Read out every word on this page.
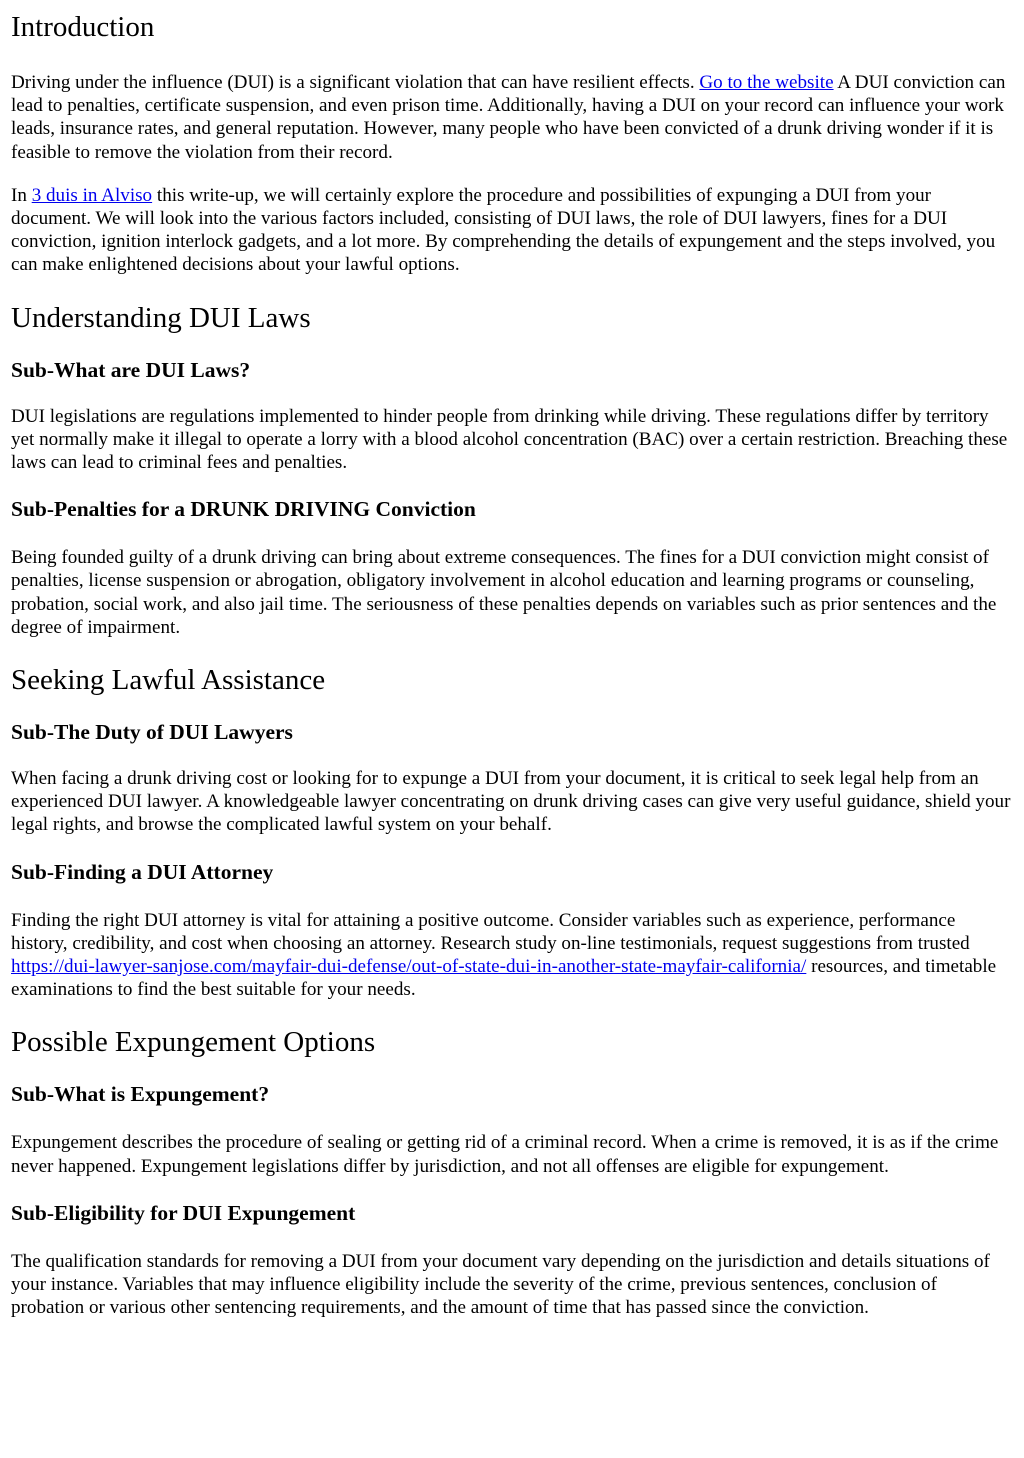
Introduction

Driving under the influence (DUI) is a significant violation that can have resilient effects. Go to the website A DUI conviction can lead to penalties, certificate suspension, and even prison time. Additionally, having a DUI on your record can influence your work leads, insurance rates, and general reputation. However, many people who have been convicted of a drunk driving wonder if it is feasible to remove the violation from their record.

In 3 duis in Alviso this write-up, we will certainly explore the procedure and possibilities of expunging a DUI from your document. We will look into the various factors included, consisting of DUI laws, the role of DUI lawyers, fines for a DUI conviction, ignition interlock gadgets, and a lot more. By comprehending the details of expungement and the steps involved, you can make enlightened decisions about your lawful options.

Understanding DUI Laws
Sub-What are DUI Laws?

DUI legislations are regulations implemented to hinder people from drinking while driving. These regulations differ by territory yet normally make it illegal to operate a lorry with a blood alcohol concentration (BAC) over a certain restriction. Breaching these laws can lead to criminal fees and penalties.

Sub-Penalties for a DRUNK DRIVING Conviction

Being founded guilty of a drunk driving can bring about extreme consequences. The fines for a DUI conviction might consist of penalties, license suspension or abrogation, obligatory involvement in alcohol education and learning programs or counseling, probation, social work, and also jail time. The seriousness of these penalties depends on variables such as prior sentences and the degree of impairment.

Seeking Lawful Assistance
Sub-The Duty of DUI Lawyers

When facing a drunk driving cost or looking for to expunge a DUI from your document, it is critical to seek legal help from an experienced DUI lawyer. A knowledgeable lawyer concentrating on drunk driving cases can give very useful guidance, shield your legal rights, and browse the complicated lawful system on your behalf.

Sub-Finding a DUI Attorney

Finding the right DUI attorney is vital for attaining a positive outcome. Consider variables such as experience, performance history, credibility, and cost when choosing an attorney. Research study on-line testimonials, request suggestions from trusted https://dui-lawyer-sanjose.com/mayfair-dui-defense/out-of-state-dui-in-another-state-mayfair-california/ resources, and timetable examinations to find the best suitable for your needs.

Possible Expungement Options
Sub-What is Expungement?

Expungement describes the procedure of sealing or getting rid of a criminal record. When a crime is removed, it is as if the crime never happened. Expungement legislations differ by jurisdiction, and not all offenses are eligible for expungement.

Sub-Eligibility for DUI Expungement

The qualification standards for removing a DUI from your document vary depending on the jurisdiction and details situations of your instance. Variables that may influence eligibility include the severity of the crime, previous sentences, conclusion of probation or various other sentencing requirements, and the amount of time that has passed since the conviction.
